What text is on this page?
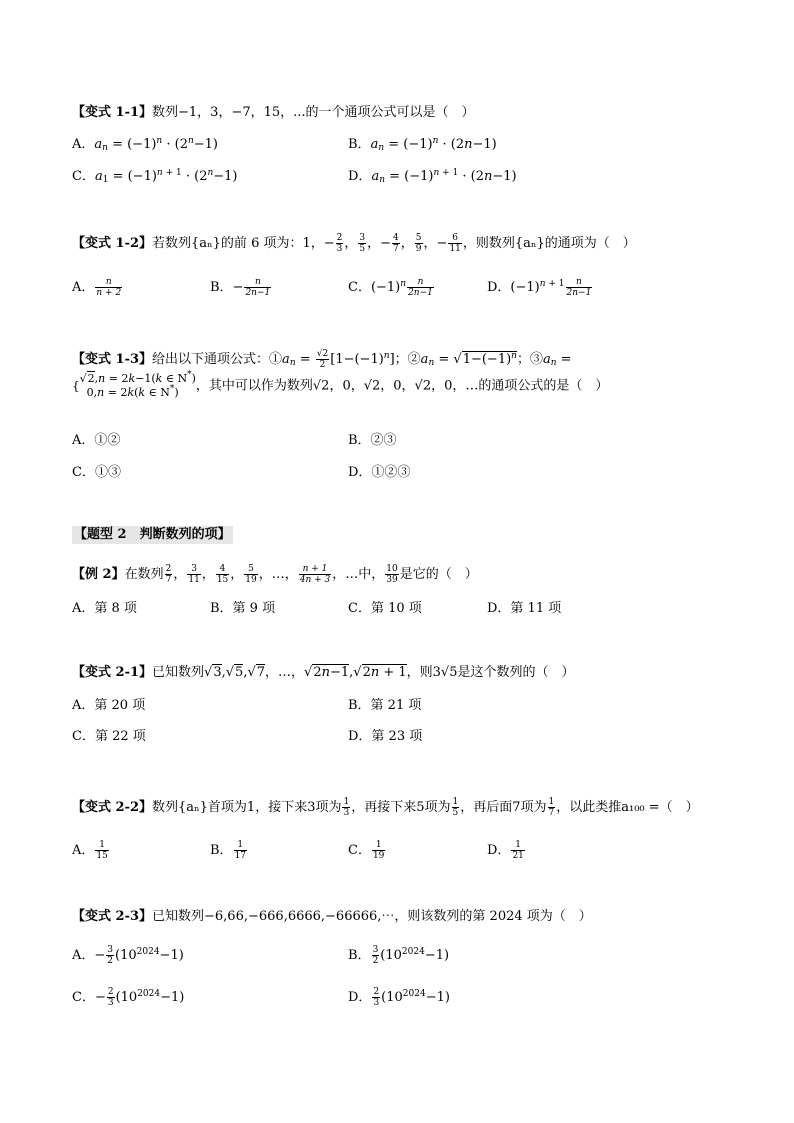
【变式 1-1】数列−1，3，−7，15，...的一个通项公式可以是（　）
A．$a_n = (-1)^n \cdot (2^n-1)$	B．$a_n = (-1)^n \cdot (2n-1)$
C．$a_1 = (-1)^{n + 1} \cdot (2^n-1)$	D．$a_n = (-1)^{n + 1} \cdot (2n-1)$
【变式 1-2】若数列{aₙ}的前 6 项为：1，− $\frac{2}{3}$ ， $\frac{3}{5}$ ，− $\frac{4}{7}$ ， $\frac{5}{9}$ ，− $\frac{6}{11}$ ，则数列{aₙ}的通项为（　）
A． $\frac{n}{n + 2}$	B．− $\frac{n}{2n-1}$	C．$(-1)^n \frac{n}{2n-1}$	D．$(-1)^{n + 1} \frac{n}{2n-1}$
【变式 1-3】给出以下通项公式：$①a_n = \frac{√2}{2} [1-(-1)^n]$；$②a_n = √1-(-1)^n$；$③a_n$ =
{√2,n = 2k−1(k ∈ N*)
0,n = 2k(k ∈ N*) ，其中可以作为数列√2，0，√2，0，√2，0，…的通项公式的是（　）
A．①②	B．②③
C．①③	D．①②③
【题型 2　判断数列的项】
【例 2】在数列 $\frac{2}{7}$ ， $\frac{3}{11}$ ， $\frac{4}{15}$ ， $\frac{5}{19}$ ，…， $\frac{n + 1}{4n + 3}$ ，…中， $\frac{10}{39}$ 是它的（　）
A．第 8 项	B．第 9 项	C．第 10 项	D．第 11 项
【变式 2-1】已知数列√3,√5,√7，…，√2n−1,√2n + 1，则3√5是这个数列的（　）
A．第 20 项	B．第 21 项
C．第 22 项	D．第 23 项
【变式 2-2】数列{aₙ}首项为1，接下来3项为 $\frac{1}{3}$ ，再接下来5项为 $\frac{1}{5}$ ，再后面7项为 $\frac{1}{7}$ ，以此类推a₁₀₀ =（　）
A． $\frac{1}{15}$	B． $\frac{1}{17}$	C． $\frac{1}{19}$	D． $\frac{1}{21}$
【变式 2-3】已知数列−6,66,−666,6666,−66666,⋯，则该数列的第 2024 项为（　）
A．− $\frac{3}{2} (10^{2024}-1)$	B． $\frac{3}{2} (10^{2024}-1)$
C．− $\frac{2}{3} (10^{2024}-1)$	D． $\frac{2}{3} (10^{2024}-1)$
